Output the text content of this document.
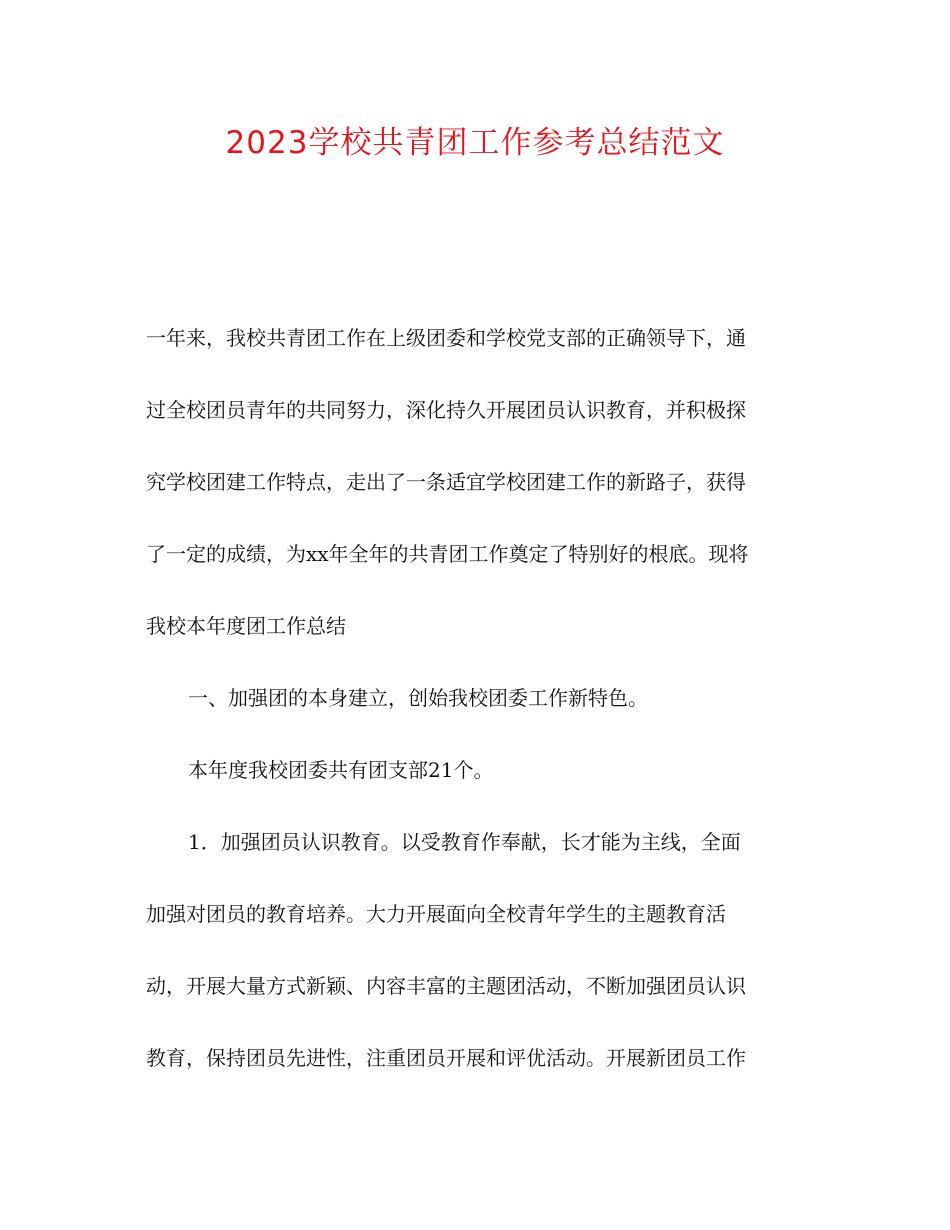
2023学校共青团工作参考总结范文
一年来，我校共青团工作在上级团委和学校党支部的正确领导下，通
过全校团员青年的共同努力，深化持久开展团员认识教育，并积极探
究学校团建工作特点，走出了一条适宜学校团建工作的新路子，获得
了一定的成绩，为xx年全年的共青团工作奠定了特别好的根底。现将
我校本年度团工作总结
一、加强团的本身建立，创始我校团委工作新特色。
本年度我校团委共有团支部21个。
1．加强团员认识教育。以受教育作奉献，长才能为主线，全面
加强对团员的教育培养。大力开展面向全校青年学生的主题教育活
动，开展大量方式新颖、内容丰富的主题团活动，不断加强团员认识
教育，保持团员先进性，注重团员开展和评优活动。开展新团员工作
